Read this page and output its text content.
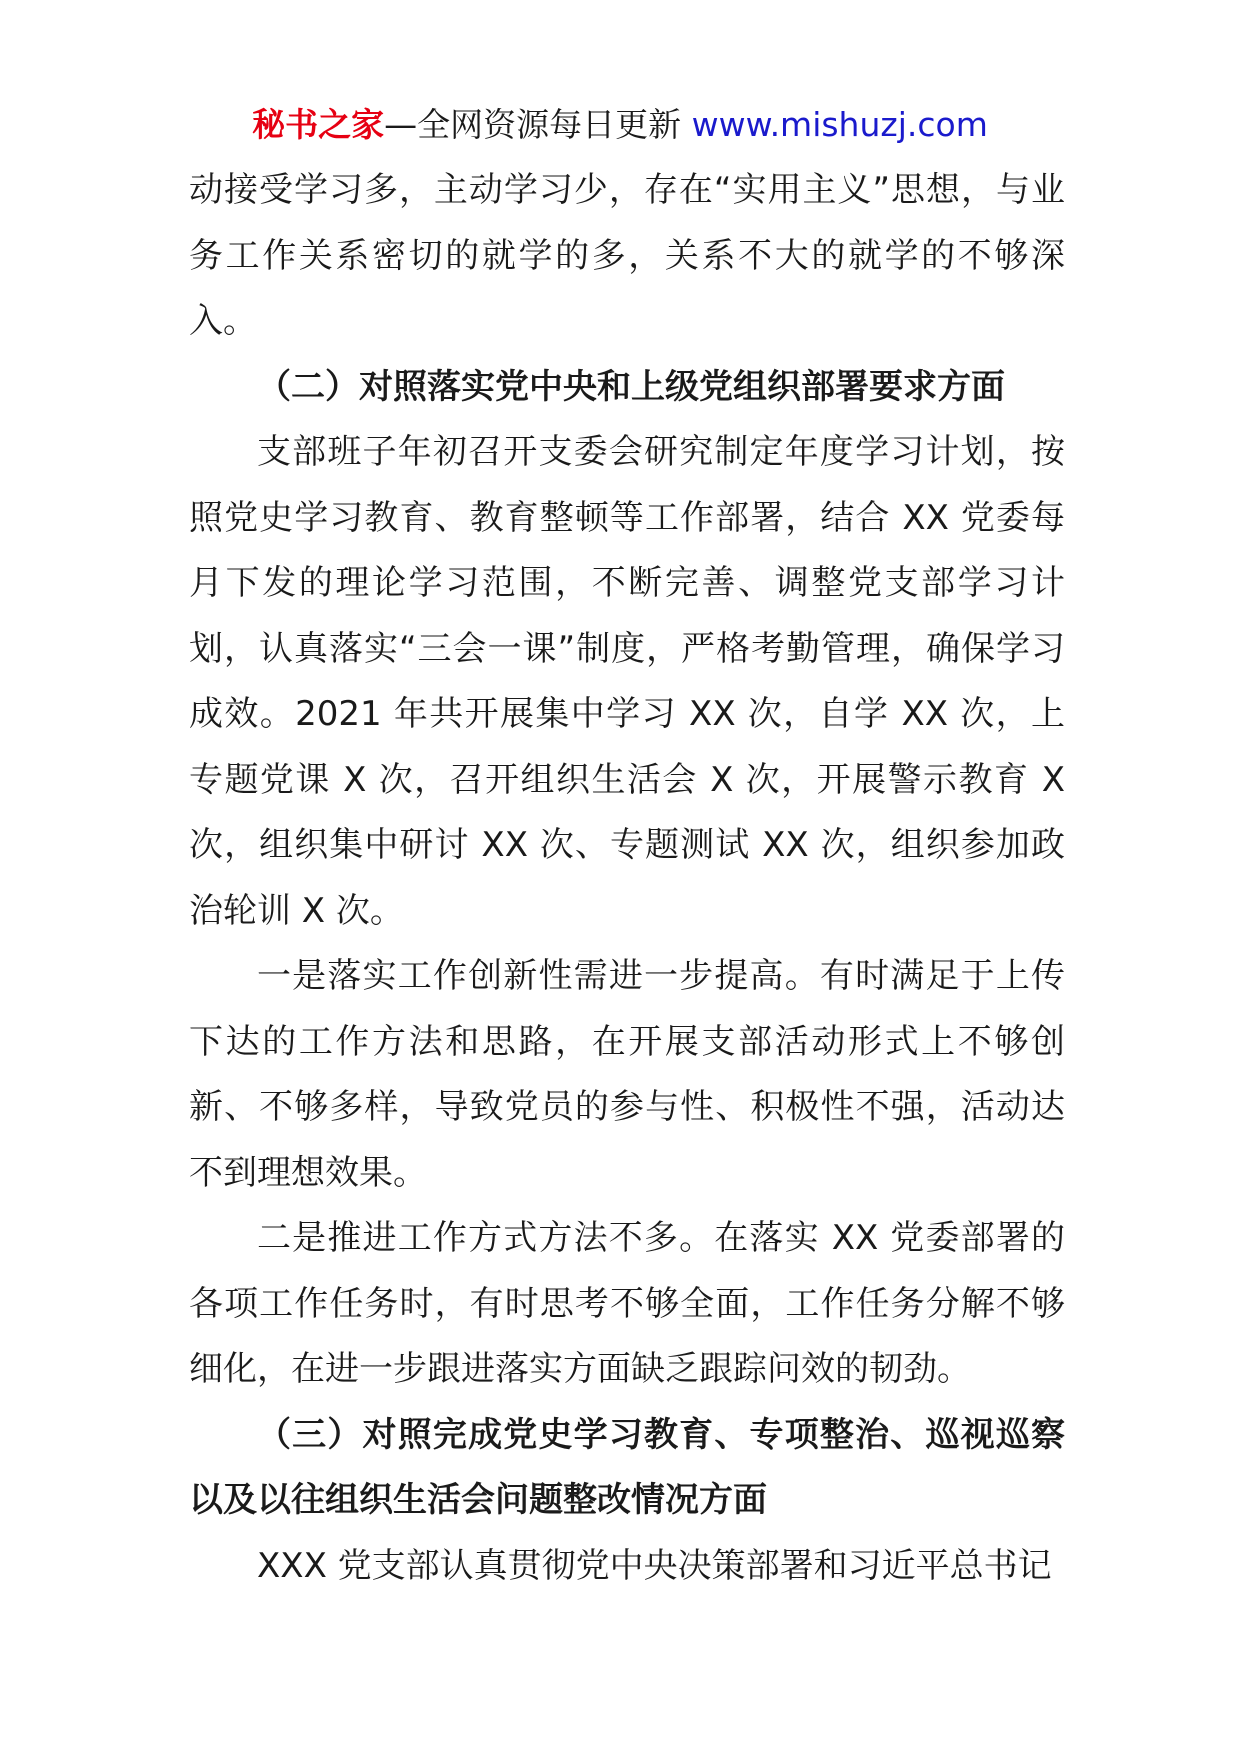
秘书之家—全网资源每日更新 www.mishuzj.com

动接受学习多，主动学习少，存在“实用主义”思想，与业务工作关系密切的就学的多，关系不大的就学的不够深入。

（二）对照落实党中央和上级党组织部署要求方面

支部班子年初召开支委会研究制定年度学习计划，按照党史学习教育、教育整顿等工作部署，结合 XX 党委每月下发的理论学习范围，不断完善、调整党支部学习计划，认真落实“三会一课”制度，严格考勤管理，确保学习成效。2021 年共开展集中学习 XX 次，自学 XX 次，上专题党课 X 次，召开组织生活会 X 次，开展警示教育 X 次，组织集中研讨 XX 次、专题测试 XX 次，组织参加政治轮训 X 次。

一是落实工作创新性需进一步提高。有时满足于上传下达的工作方法和思路，在开展支部活动形式上不够创新、不够多样，导致党员的参与性、积极性不强，活动达不到理想效果。

二是推进工作方式方法不多。在落实 XX 党委部署的各项工作任务时，有时思考不够全面，工作任务分解不够细化，在进一步跟进落实方面缺乏跟踪问效的韧劲。

（三）对照完成党史学习教育、专项整治、巡视巡察以及以往组织生活会问题整改情况方面

XXX 党支部认真贯彻党中央决策部署和习近平总书记
